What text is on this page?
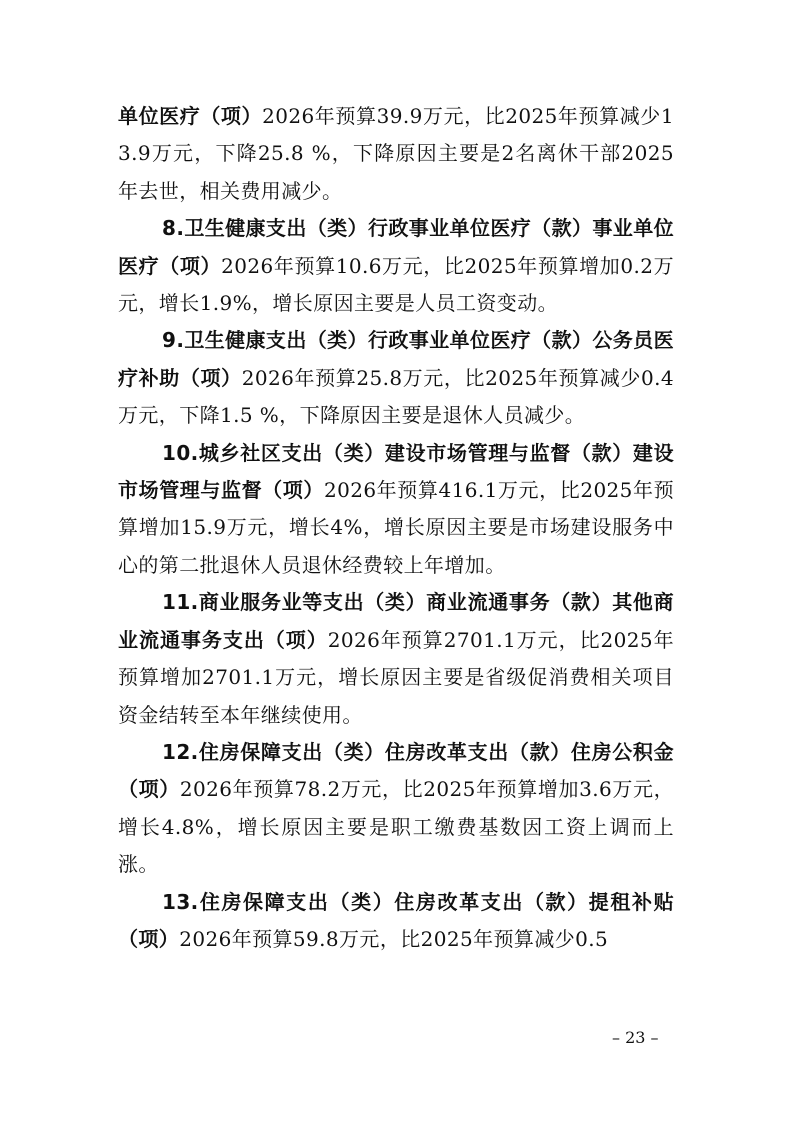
单位医疗（项）2026年预算39.9万元，比2025年预算减少13.9万元，下降25.8 %，下降原因主要是2名离休干部2025年去世，相关费用减少。

8.卫生健康支出（类）行政事业单位医疗（款）事业单位医疗（项）2026年预算10.6万元，比2025年预算增加0.2万元，增长1.9%，增长原因主要是人员工资变动。

9.卫生健康支出（类）行政事业单位医疗（款）公务员医疗补助（项）2026年预算25.8万元，比2025年预算减少0.4万元，下降1.5 %，下降原因主要是退休人员减少。

10.城乡社区支出（类）建设市场管理与监督（款）建设市场管理与监督（项）2026年预算416.1万元，比2025年预算增加15.9万元，增长4%，增长原因主要是市场建设服务中心的第二批退休人员退休经费较上年增加。

11.商业服务业等支出（类）商业流通事务（款）其他商业流通事务支出（项）2026年预算2701.1万元，比2025年预算增加2701.1万元，增长原因主要是省级促消费相关项目资金结转至本年继续使用。

12.住房保障支出（类）住房改革支出（款）住房公积金（项）2026年预算78.2万元，比2025年预算增加3.6万元，增长4.8%，增长原因主要是职工缴费基数因工资上调而上涨。

13.住房保障支出（类）住房改革支出（款）提租补贴（项）2026年预算59.8万元，比2025年预算减少0.5

– 23 –
